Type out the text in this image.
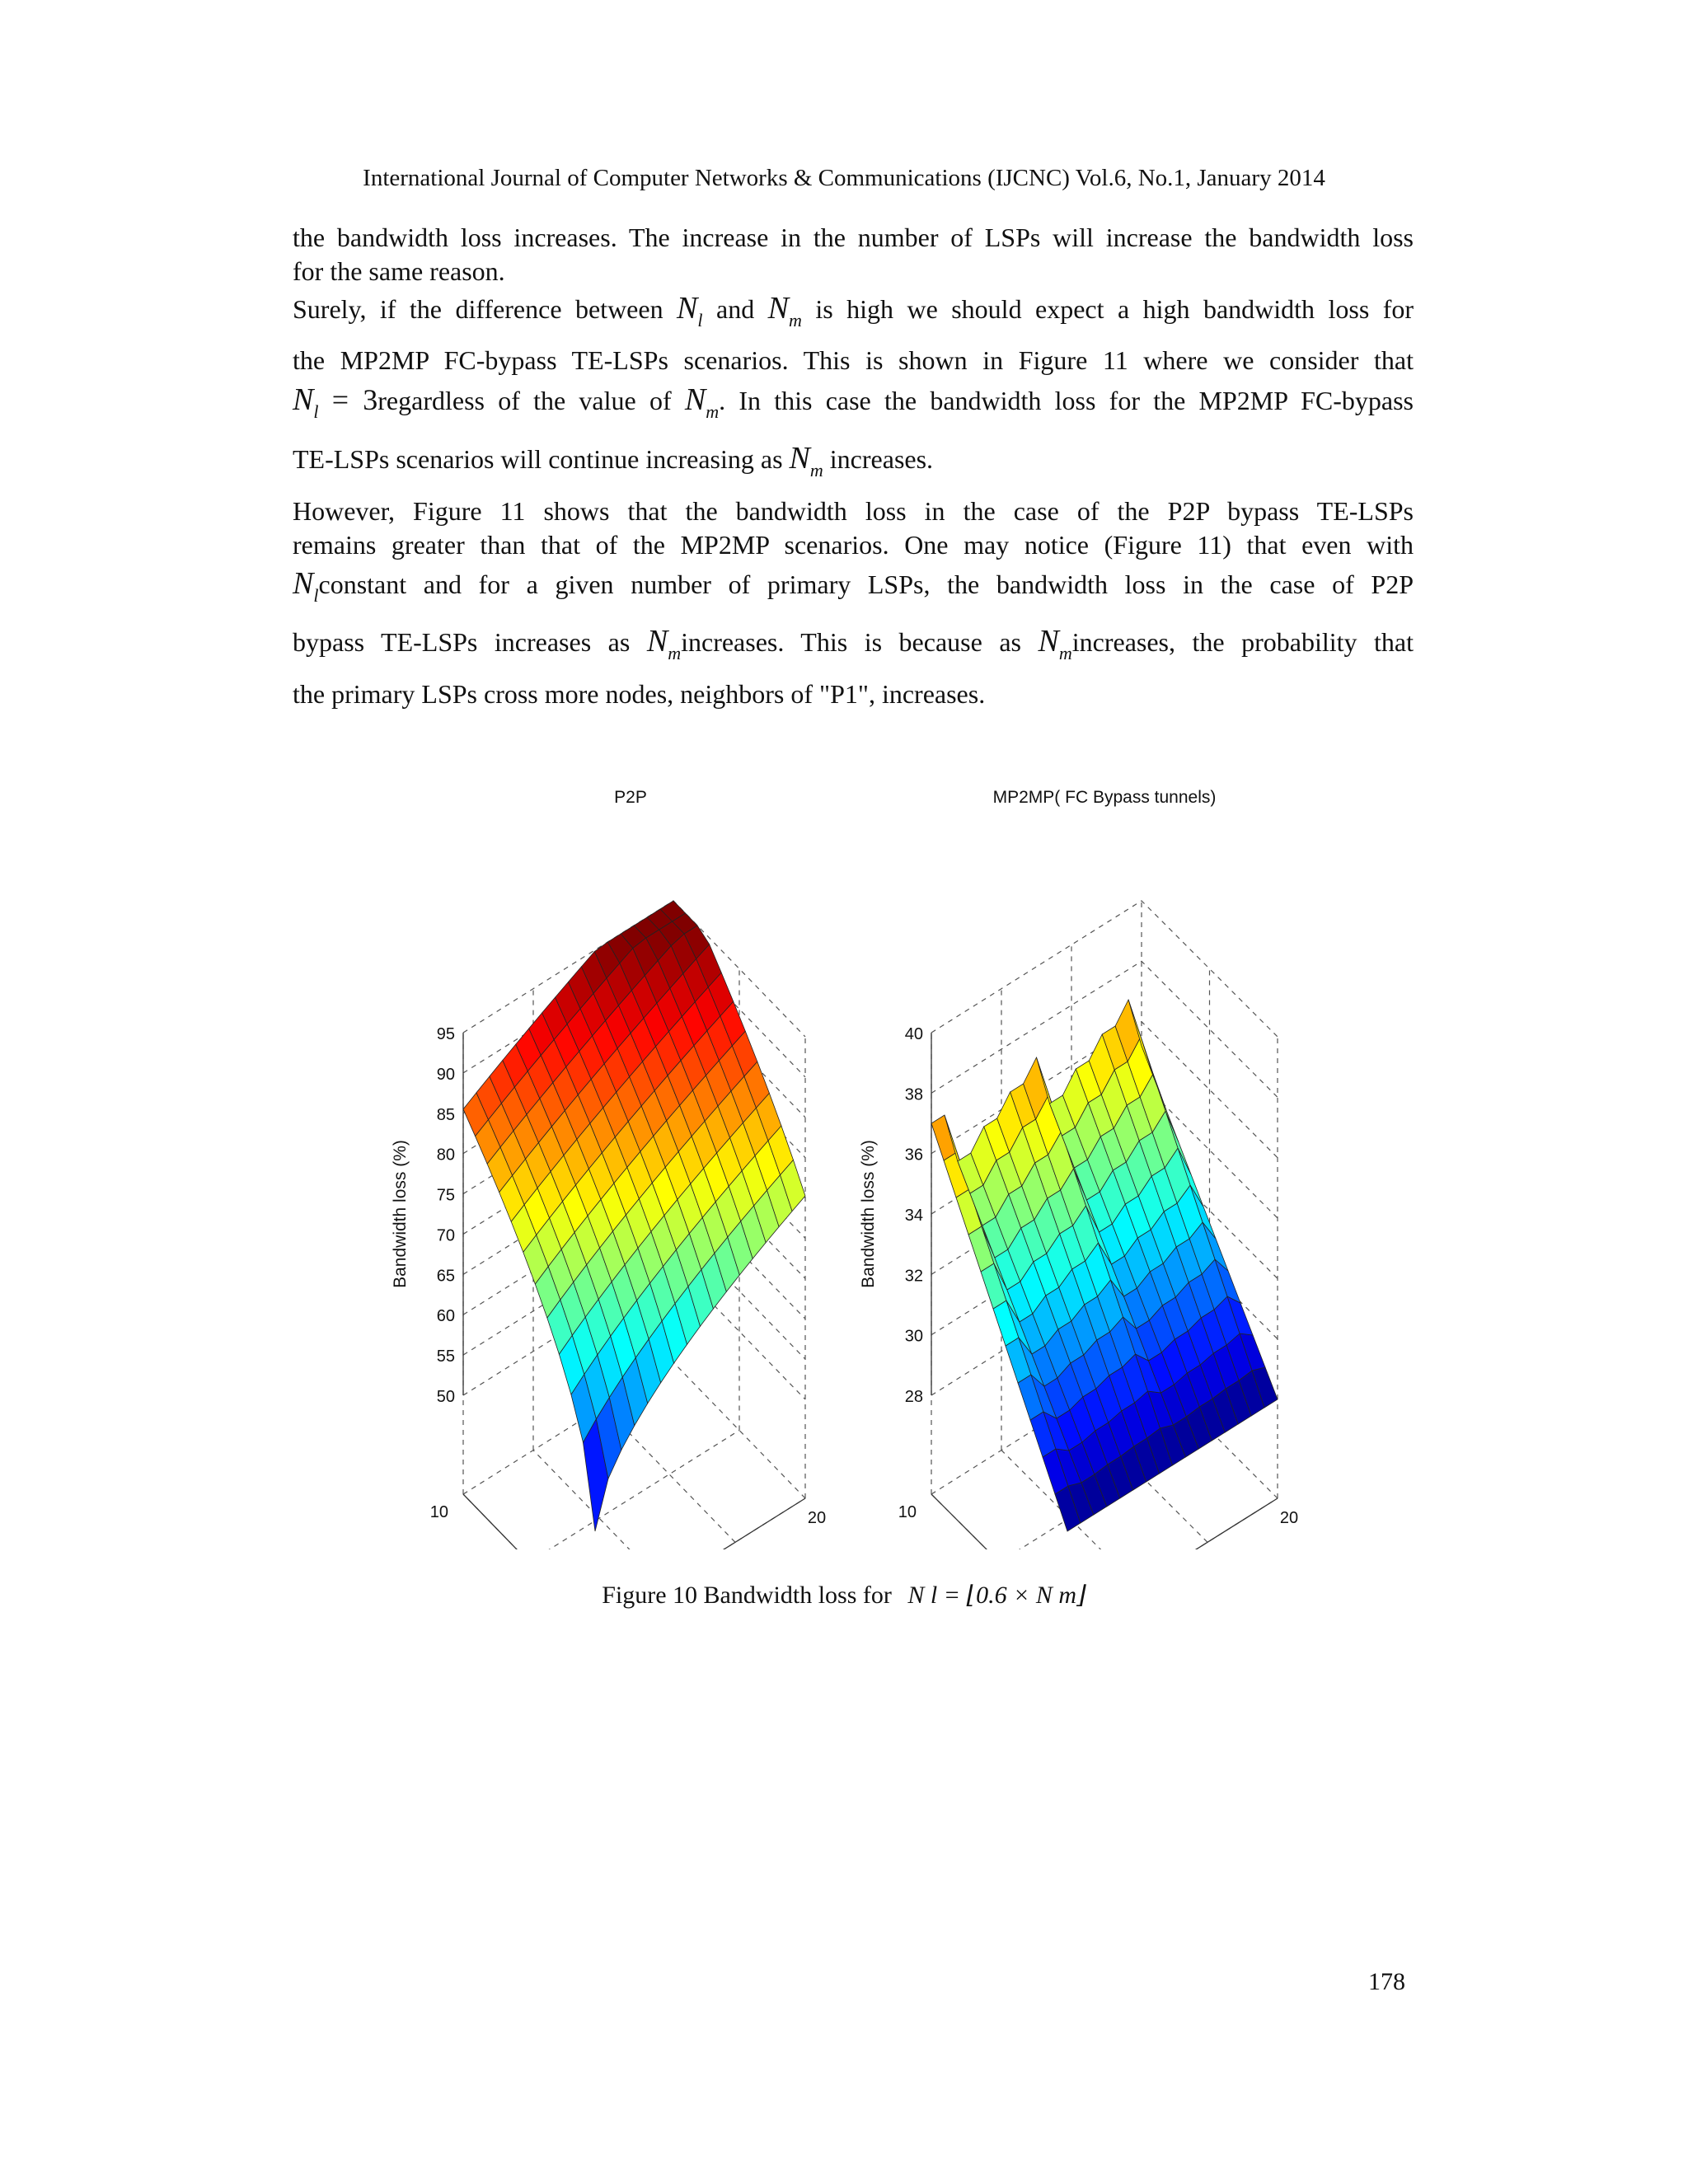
International Journal of Computer Networks & Communications (IJCNC) Vol.6, No.1, January 2014

the bandwidth loss increases. The increase in the number of LSPs will increase the bandwidth loss

for the same reason.

Surely, if the difference between $N_l$ and $N_m$ is high we should expect a high bandwidth loss for

the MP2MP FC-bypass TE-LSPs scenarios. This is shown in Figure 11 where we consider that

$N_l$ = 3regardless of the value of $N_m$. In this case the bandwidth loss for the MP2MP FC-bypass

TE-LSPs scenarios will continue increasing as $N_m$ increases.

However, Figure 11 shows that the bandwidth loss in the case of the P2P bypass TE-LSPs

remains greater than that of the MP2MP scenarios. One may notice (Figure 11) that even with

$N_lconstant$ and for a given number of primary LSPs, the bandwidth loss in the case of P2P

bypass TE-LSPs increases as $N_mincreases$. This is because as $N_mincreases$, the probability that

the primary LSPs cross more nodes, neighbors of "P1", increases.

50
55
60
65
70
75
80
85
90
95
20
10
Bandwidth loss (%)
P2P
28
30
32
34
36
38
40
20
10
Bandwidth loss (%)
MP2MP( FC Bypass tunnels)
Figure 10 Bandwidth loss for N l = ⌊0.6 × N m⌋
178
